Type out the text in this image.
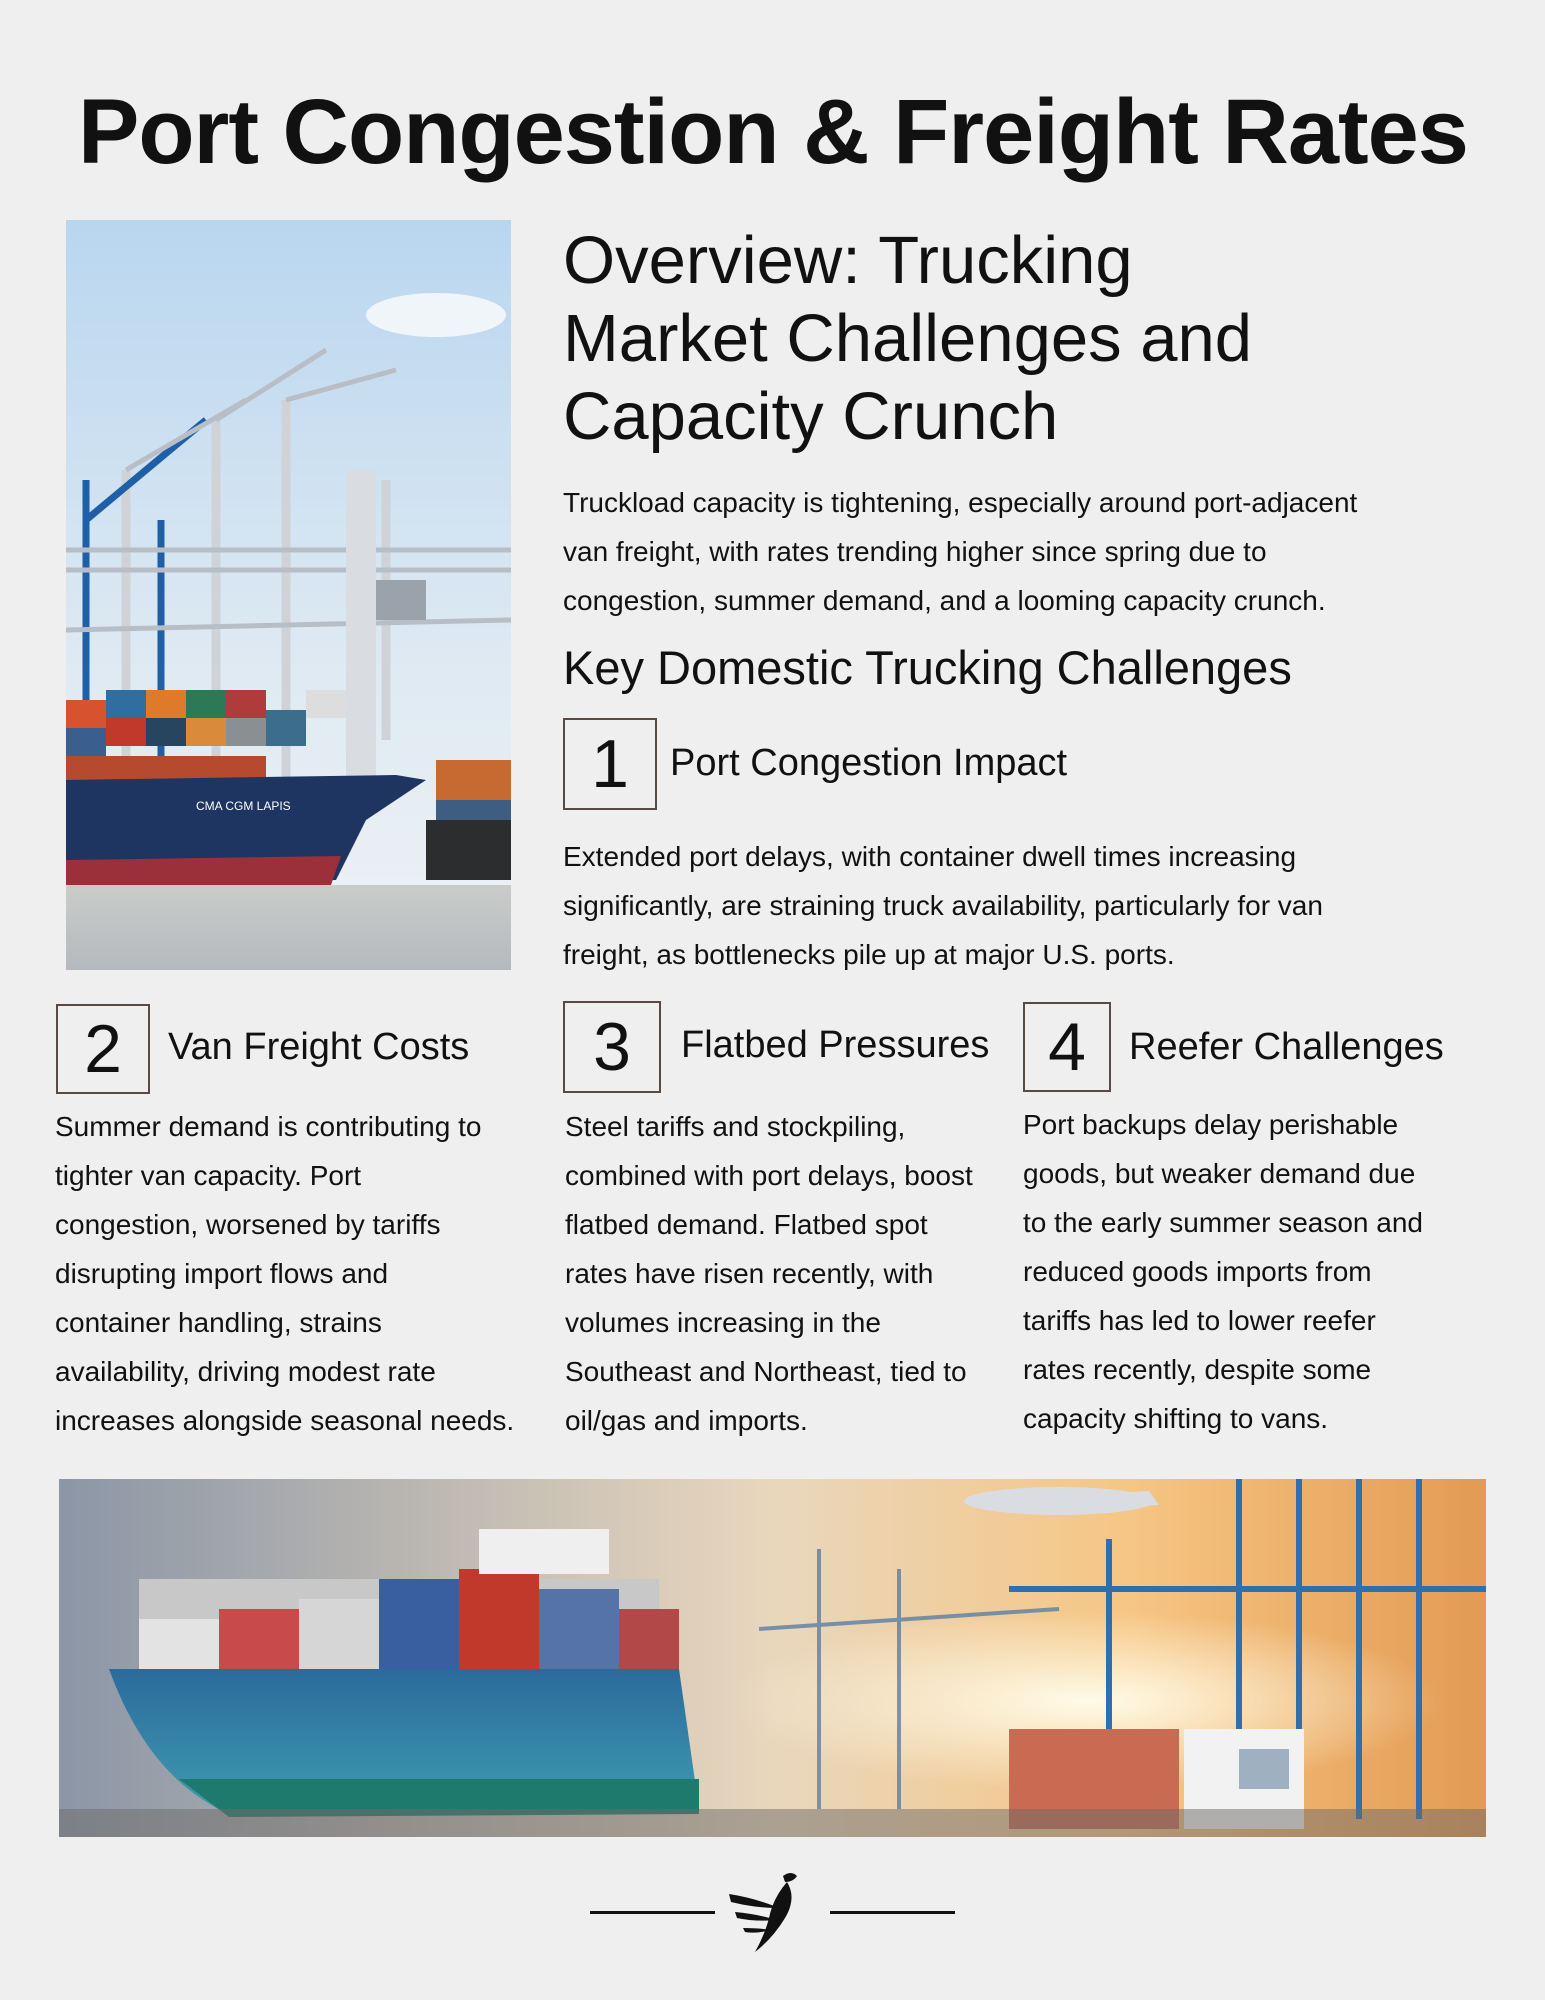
Port Congestion & Freight Rates
CMA CGM LAPIS
Overview: Trucking
Market Challenges and
Capacity Crunch
Truckload capacity is tightening, especially around port-adjacent
van freight, with rates trending higher since spring due to
congestion, summer demand, and a looming capacity crunch.
Key Domestic Trucking Challenges
1	Port Congestion Impact
Extended port delays, with container dwell times increasing
significantly, are straining truck availability, particularly for van
freight, as bottlenecks pile up at major U.S. ports.
2	Van Freight Costs
Summer demand is contributing to
tighter van capacity. Port
congestion, worsened by tariffs
disrupting import flows and
container handling, strains
availability, driving modest rate
increases alongside seasonal needs.
3	Flatbed Pressures
Steel tariffs and stockpiling,
combined with port delays, boost
flatbed demand. Flatbed spot
rates have risen recently, with
volumes increasing in the
Southeast and Northeast, tied to
oil/gas and imports.
4	Reefer Challenges
Port backups delay perishable
goods, but weaker demand due
to the early summer season and
reduced goods imports from
tariffs has led to lower reefer
rates recently, despite some
capacity shifting to vans.
